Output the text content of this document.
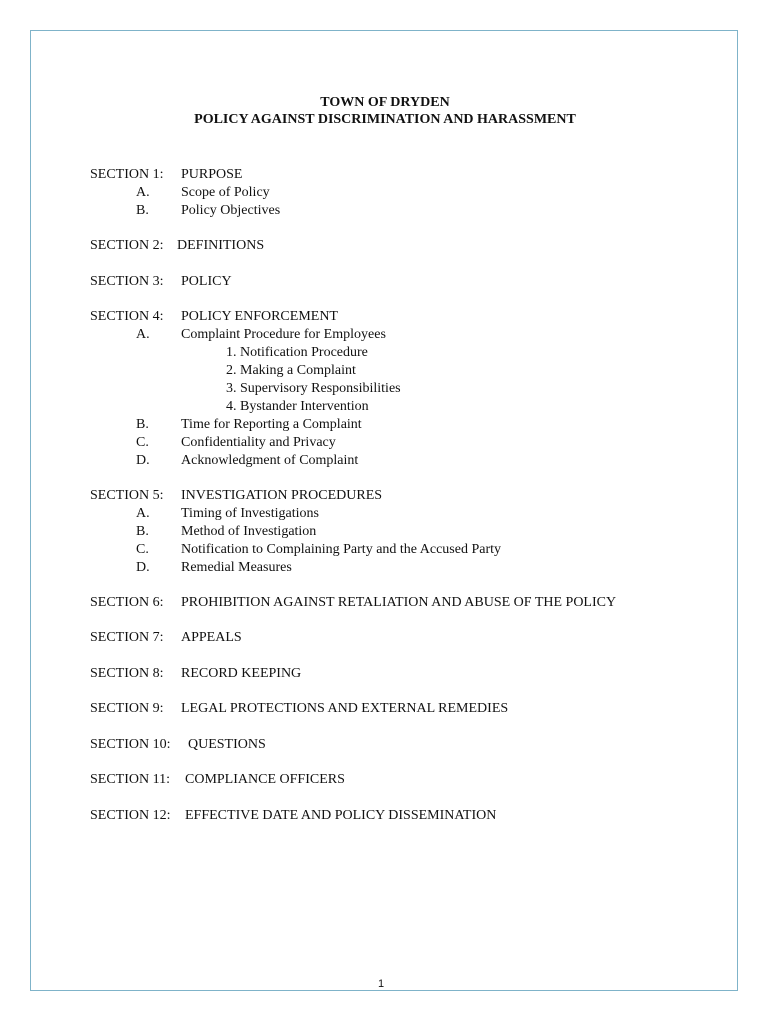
TOWN OF DRYDEN
POLICY AGAINST DISCRIMINATION AND HARASSMENT
SECTION 1: PURPOSE
A. Scope of Policy
B. Policy Objectives
SECTION 2: DEFINITIONS
SECTION 3: POLICY
SECTION 4: POLICY ENFORCEMENT
A. Complaint Procedure for Employees
1. Notification Procedure
2. Making a Complaint
3. Supervisory Responsibilities
4. Bystander Intervention
B. Time for Reporting a Complaint
C. Confidentiality and Privacy
D. Acknowledgment of Complaint
SECTION 5: INVESTIGATION PROCEDURES
A. Timing of Investigations
B. Method of Investigation
C. Notification to Complaining Party and the Accused Party
D. Remedial Measures
SECTION 6: PROHIBITION AGAINST RETALIATION AND ABUSE OF THE POLICY
SECTION 7: APPEALS
SECTION 8: RECORD KEEPING
SECTION 9: LEGAL PROTECTIONS AND EXTERNAL REMEDIES
SECTION 10: QUESTIONS
SECTION 11: COMPLIANCE OFFICERS
SECTION 12: EFFECTIVE DATE AND POLICY DISSEMINATION
1
